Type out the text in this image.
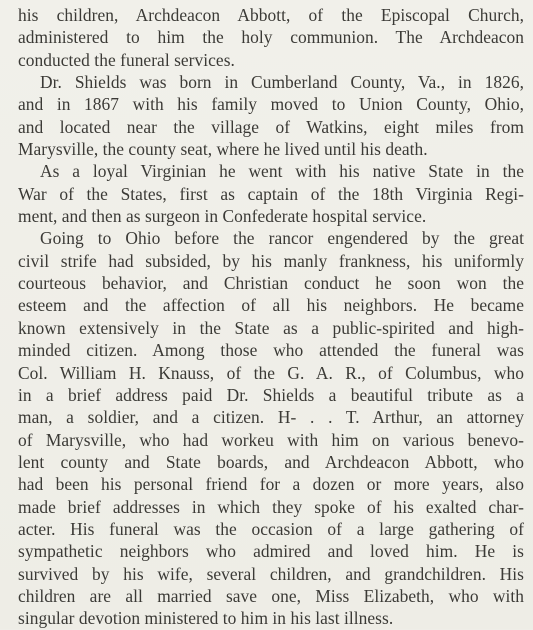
his children, Archdeacon Abbott, of the Episcopal Church,
administered to him the holy communion. The Archdeacon
conducted the funeral services.
Dr. Shields was born in Cumberland County, Va., in 1826,
and in 1867 with his family moved to Union County, Ohio,
and located near the village of Watkins, eight miles from
Marysville, the county seat, where he lived until his death.
As a loyal Virginian he went with his native State in the
War of the States, first as captain of the 18th Virginia Regi-
ment, and then as surgeon in Confederate hospital service.
Going to Ohio before the rancor engendered by the great
civil strife had subsided, by his manly frankness, his uniformly
courteous behavior, and Christian conduct he soon won the
esteem and the affection of all his neighbors. He became
known extensively in the State as a public-spirited and high-
minded citizen. Among those who attended the funeral was
Col. William H. Knauss, of the G. A. R., of Columbus, who
in a brief address paid Dr. Shields a beautiful tribute as a
man, a soldier, and a citizen. H- . . T. Arthur, an attorney
of Marysville, who had workeu with him on various benevo-
lent county and State boards, and Archdeacon Abbott, who
had been his personal friend for a dozen or more years, also
made brief addresses in which they spoke of his exalted char-
acter. His funeral was the occasion of a large gathering of
sympathetic neighbors who admired and loved him. He is
survived by his wife, several children, and grandchildren. His
children are all married save one, Miss Elizabeth, who with
singular devotion ministered to him in his last illness.
